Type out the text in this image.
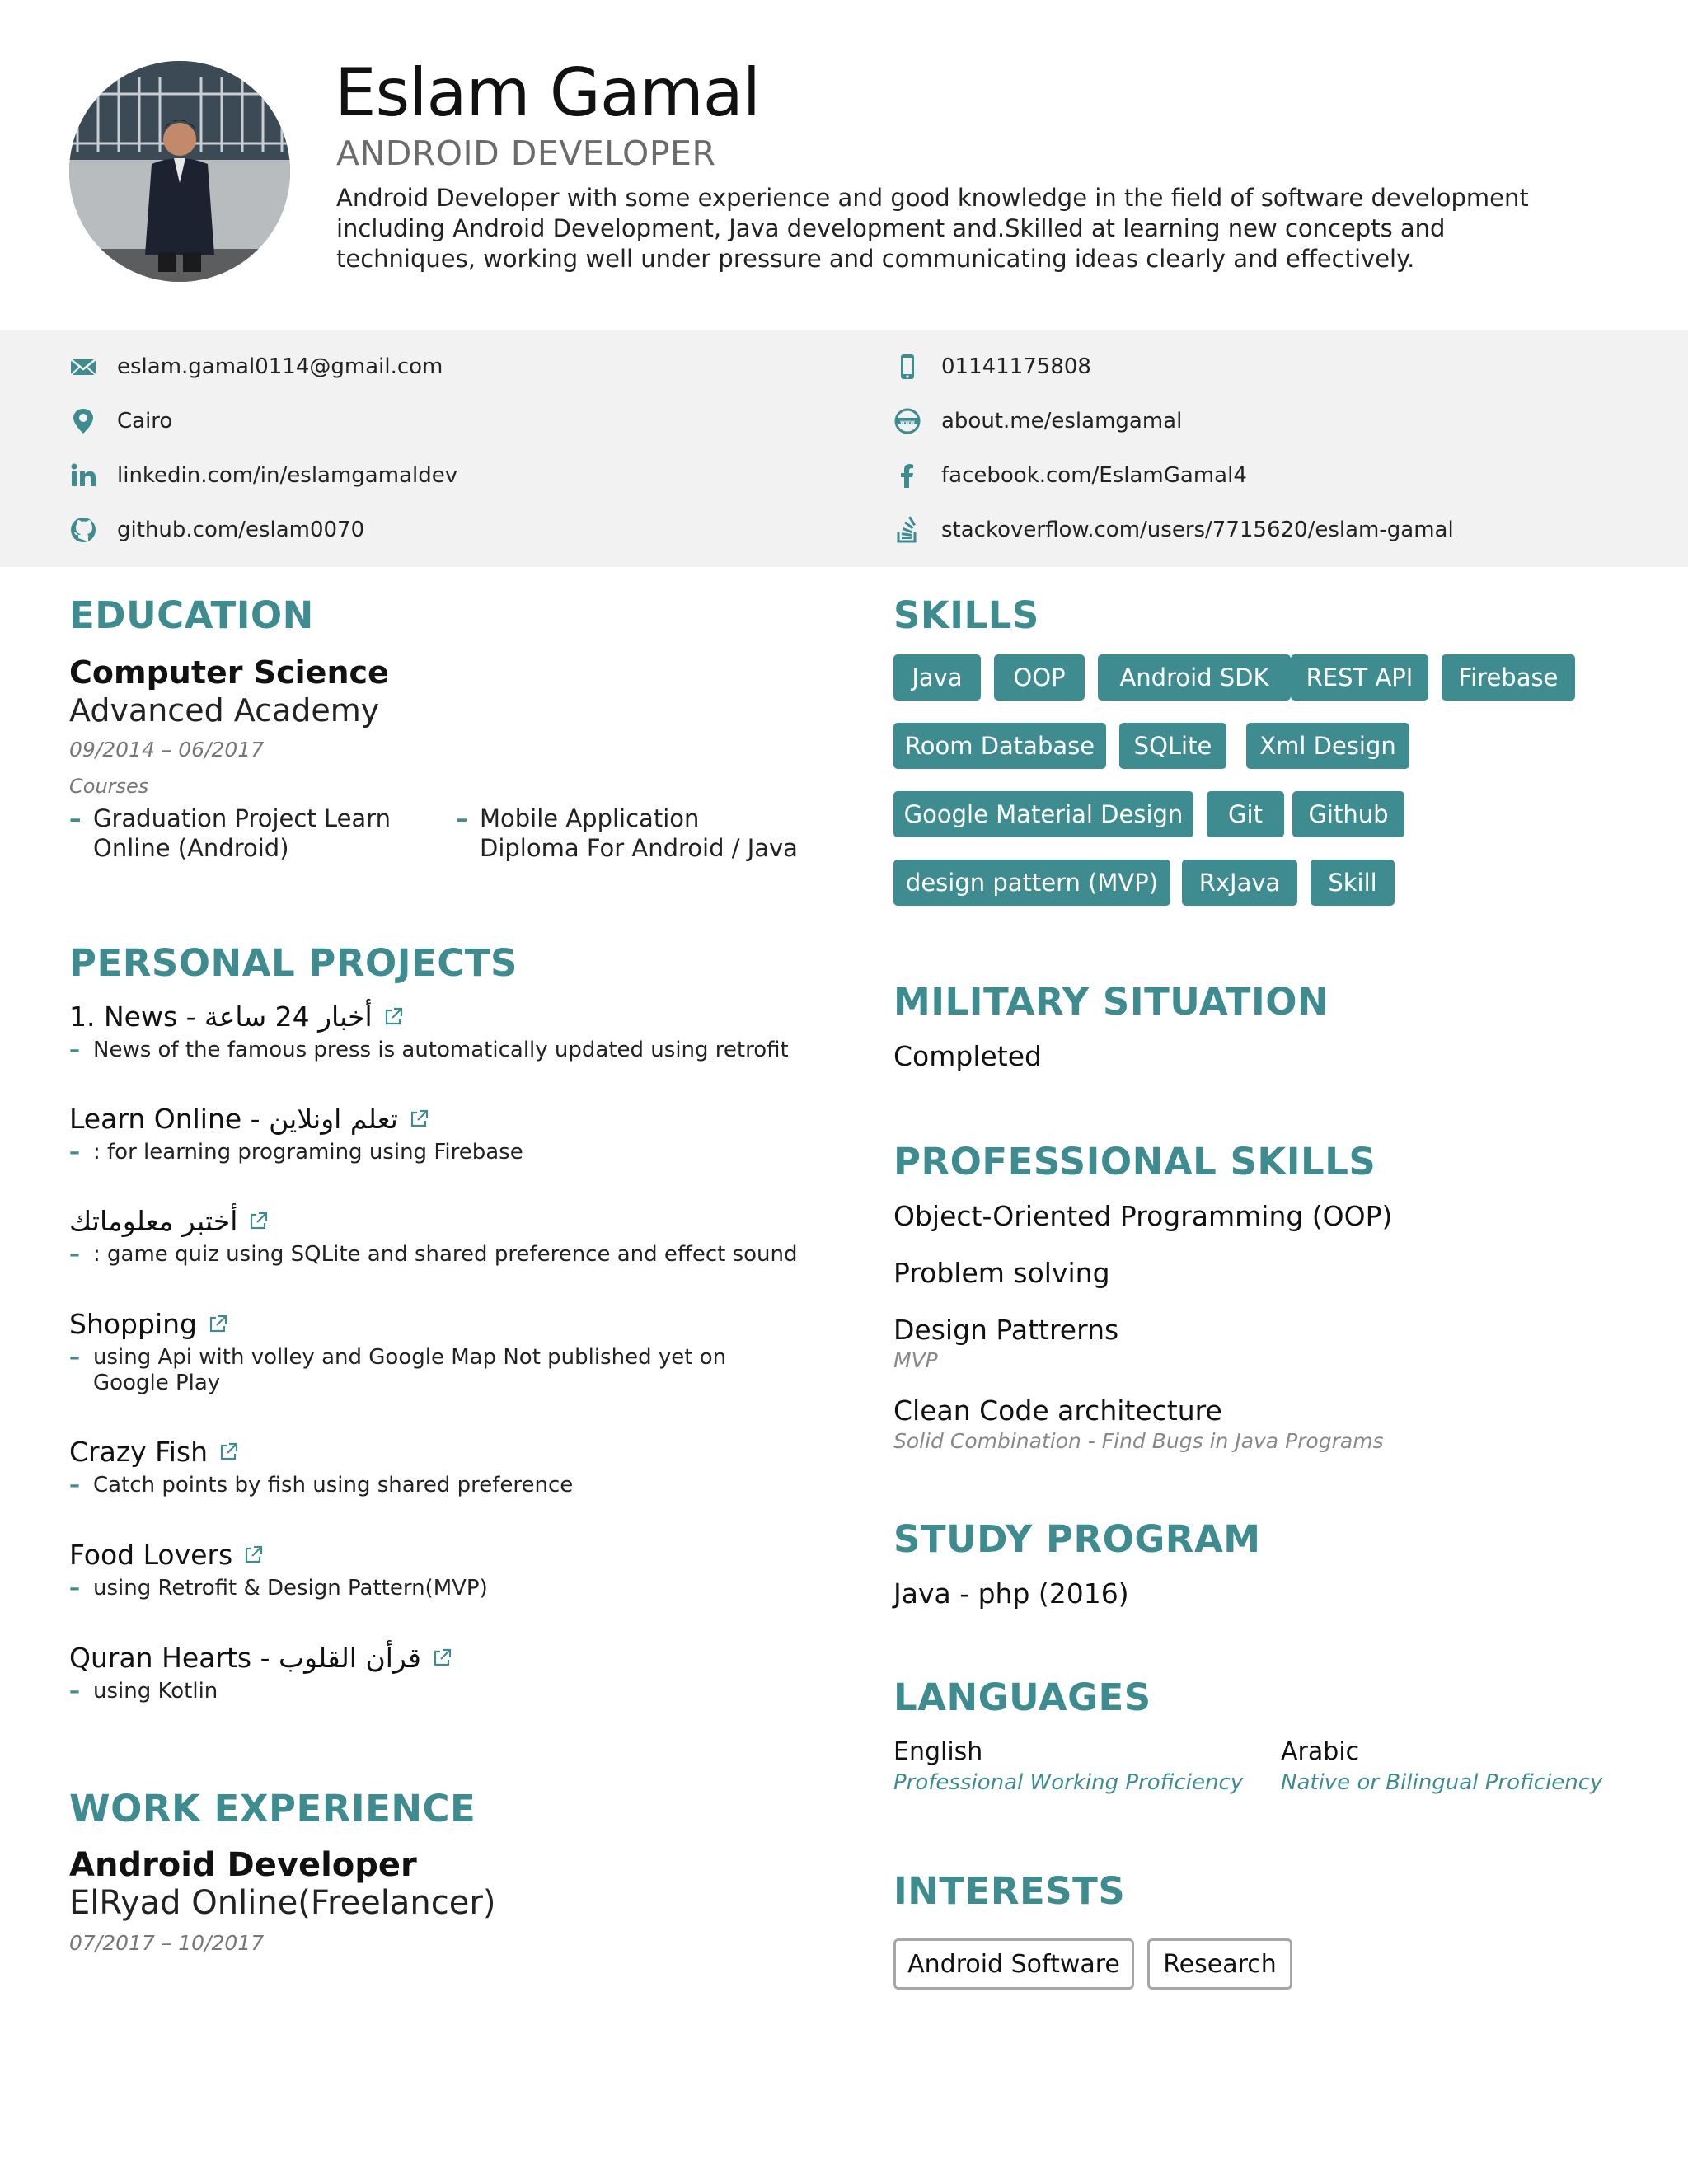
Eslam Gamal
ANDROID DEVELOPER
Android Developer with some experience and good knowledge in the field of software development including Android Development, Java development and.Skilled at learning new concepts and techniques, working well under pressure and communicating ideas clearly and effectively.
eslam.gamal0114@gmail.com
Cairo
linkedin.com/in/eslamgamaldev
github.com/eslam0070
01141175808
www about.me/eslamgamal
facebook.com/EslamGamal4
stackoverflow.com/users/7715620/eslam-gamal
EDUCATION
Computer Science
Advanced Academy
09/2014 – 06/2017
Courses
– Graduation Project Learn Online (Android)
– Mobile Application Diploma For Android / Java
PERSONAL PROJECTS
1. News - أخبار 24 ساعة
– News of the famous press is automatically updated using retrofit
Learn Online - تعلم اونلاين
– : for learning programing using Firebase
أختبر معلوماتك
– : game quiz using SQLite and shared preference and effect sound
Shopping
– using Api with volley and Google Map Not published yet on Google Play
Crazy Fish
– Catch points by fish using shared preference
Food Lovers
– using Retrofit & Design Pattern(MVP)
Quran Hearts - قرأن القلوب
– using Kotlin
WORK EXPERIENCE
Android Developer
ElRyad Online(Freelancer)
07/2017 – 10/2017
SKILLS
Java	OOP	Android SDK	REST API	Firebase
Room Database	SQLite	Xml Design
Google Material Design	Git	Github
design pattern (MVP)	RxJava	Skill
MILITARY SITUATION
Completed
PROFESSIONAL SKILLS
Object-Oriented Programming (OOP)
Problem solving
Design Pattrerns
MVP
Clean Code architecture
Solid Combination - Find Bugs in Java Programs
STUDY PROGRAM
Java - php (2016)
LANGUAGES
English
Professional Working Proficiency
Arabic
Native or Bilingual Proficiency
INTERESTS
Android Software	Research
